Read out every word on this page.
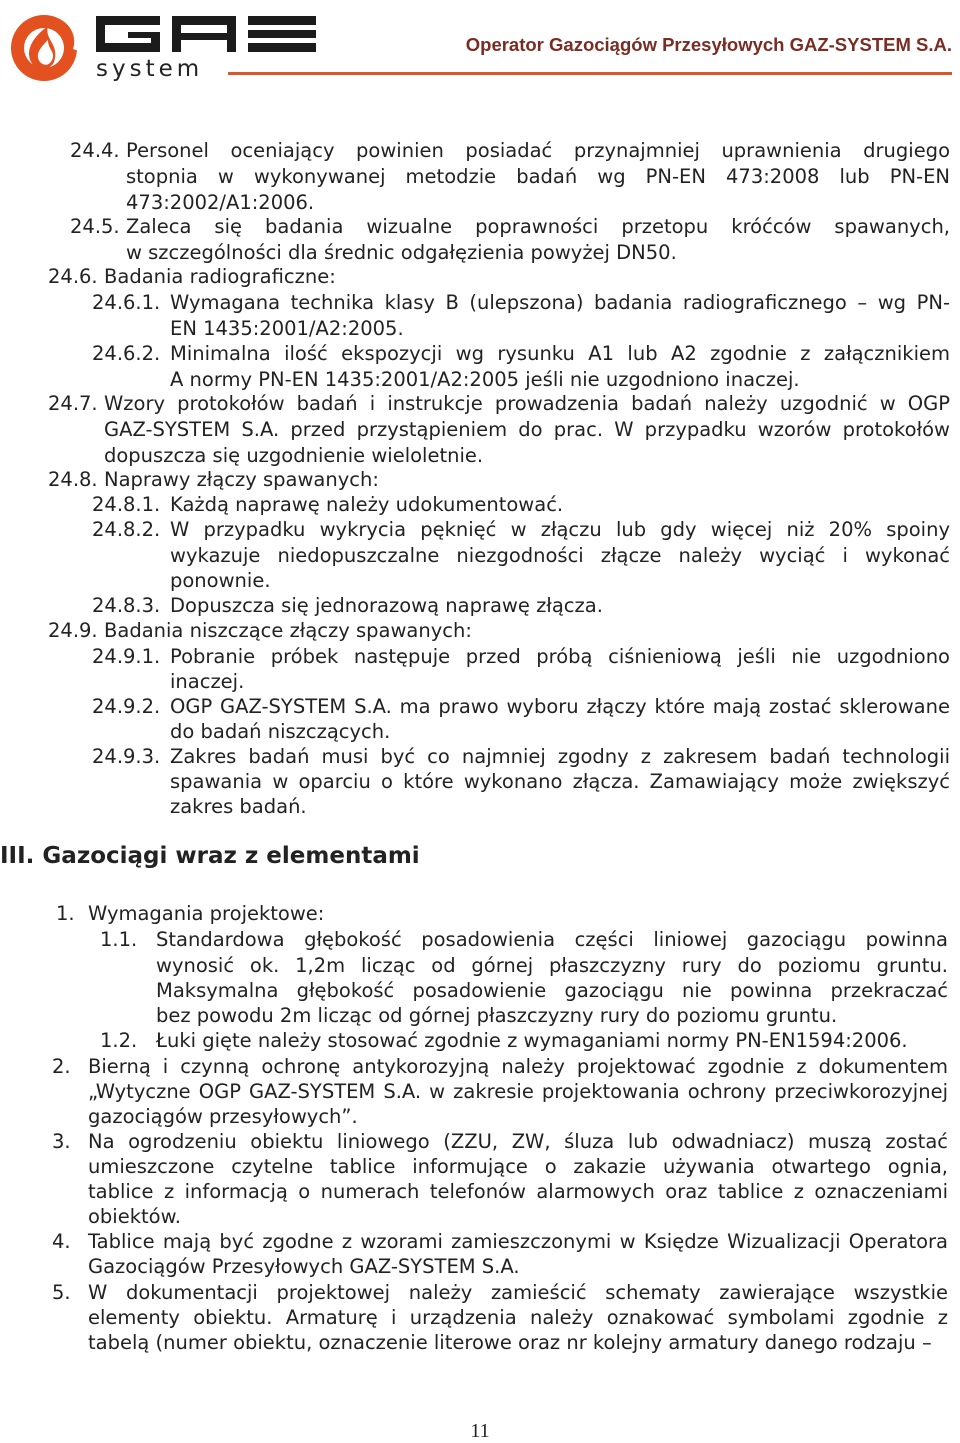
system
Operator Gazociągów Przesyłowych GAZ-SYSTEM S.A.
24.4. Personel oceniający powinien posiadać przynajmniej uprawnienia drugiego
stopnia w wykonywanej metodzie badań wg PN-EN 473:2008 lub PN-EN
473:2002/A1:2006.
24.5. Zaleca się badania wizualne poprawności przetopu króćców spawanych,
w szczególności dla średnic odgałęzienia powyżej DN50.
24.6. Badania radiograficzne:
24.6.1. Wymagana technika klasy B (ulepszona) badania radiograficznego – wg PN-
EN 1435:2001/A2:2005.
24.6.2. Minimalna ilość ekspozycji wg rysunku A1 lub A2 zgodnie z załącznikiem
A normy PN-EN 1435:2001/A2:2005 jeśli nie uzgodniono inaczej.
24.7. Wzory protokołów badań i instrukcje prowadzenia badań należy uzgodnić w OGP
GAZ-SYSTEM S.A. przed przystąpieniem do prac. W przypadku wzorów protokołów
dopuszcza się uzgodnienie wieloletnie.
24.8. Naprawy złączy spawanych:
24.8.1. Każdą naprawę należy udokumentować.
24.8.2. W przypadku wykrycia pęknięć w złączu lub gdy więcej niż 20% spoiny
wykazuje niedopuszczalne niezgodności złącze należy wyciąć i wykonać
ponownie.
24.8.3. Dopuszcza się jednorazową naprawę złącza.
24.9. Badania niszczące złączy spawanych:
24.9.1. Pobranie próbek następuje przed próbą ciśnieniową jeśli nie uzgodniono
inaczej.
24.9.2. OGP GAZ-SYSTEM S.A. ma prawo wyboru złączy które mają zostać sklerowane
do badań niszczących.
24.9.3. Zakres badań musi być co najmniej zgodny z zakresem badań technologii
spawania w oparciu o które wykonano złącza. Zamawiający może zwiększyć
zakres badań.
III. Gazociągi wraz z elementami
1. Wymagania projektowe:
1.1. Standardowa głębokość posadowienia części liniowej gazociągu powinna
wynosić ok. 1,2m licząc od górnej płaszczyzny rury do poziomu gruntu.
Maksymalna głębokość posadowienie gazociągu nie powinna przekraczać
bez powodu 2m licząc od górnej płaszczyzny rury do poziomu gruntu.
1.2. Łuki gięte należy stosować zgodnie z wymaganiami normy PN-EN1594:2006.
2. Bierną i czynną ochronę antykorozyjną należy projektować zgodnie z dokumentem
„Wytyczne OGP GAZ-SYSTEM S.A. w zakresie projektowania ochrony przeciwkorozyjnej
gazociągów przesyłowych”.
3. Na ogrodzeniu obiektu liniowego (ZZU, ZW, śluza lub odwadniacz) muszą zostać
umieszczone czytelne tablice informujące o zakazie używania otwartego ognia,
tablice z informacją o numerach telefonów alarmowych oraz tablice z oznaczeniami
obiektów.
4. Tablice mają być zgodne z wzorami zamieszczonymi w Księdze Wizualizacji Operatora
Gazociągów Przesyłowych GAZ-SYSTEM S.A.
5. W dokumentacji projektowej należy zamieścić schematy zawierające wszystkie
elementy obiektu. Armaturę i urządzenia należy oznakować symbolami zgodnie z
tabelą (numer obiektu, oznaczenie literowe oraz nr kolejny armatury danego rodzaju –
11
